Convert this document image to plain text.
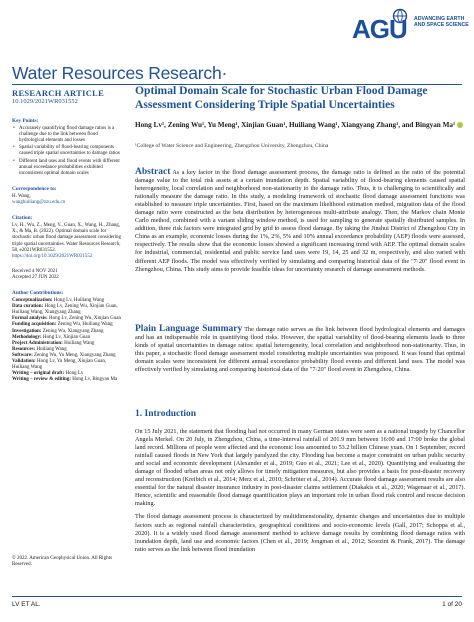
AGU ADVANCING EARTH AND SPACE SCIENCE
Water Resources Research·
RESEARCH ARTICLE
10.1029/2021WR031552
Optimal Domain Scale for Stochastic Urban Flood Damage Assessment Considering Triple Spatial Uncertainties
Hong Lv¹, Zening Wu¹, Yu Meng¹, Xinjian Guan¹, Huiliang Wang¹, Xiangyang Zhang¹, and Bingyan Ma¹
¹College of Water Science and Engineering, Zhengzhou University, Zhengzhou, China
Key Points:
• Accurately quantifying flood damage ratios is a challenge due to the link between flood hydrological elements and losses
• Spatial variability of flood-bearing components caused triple spatial uncertainties to damage ratios
• Different land uses and flood events with different annual exceedance probabilities exhibited inconsistent optimal domain scales
Correspondence to:
H. Wang,
wanghuiliang@zzu.edu.cn
Citation:
Lv, H., Wu, Z., Meng, Y., Guan, X., Wang, H., Zhang, X., & Ma, B. (2022). Optimal domain scale for stochastic urban flood damage assessment considering triple spatial uncertainties. Water Resources Research, 58, e2021WR031552.
https://doi.org/10.1029/2021WR031552
Received 4 NOV 2021
Accepted 27 JUN 2022
Author Contributions:
Conceptualization: Hong Lv, Huiliang Wang
Data curation: Hong Lv, Zening Wu, Xinjian Guan, Huiliang Wang, Xiangyang Zhang
Formal analysis: Hong Lv, Zening Wu, Xinjian Guan
Funding acquisition: Zening Wu, Huiliang Wang
Investigation: Zening Wu, Xiangyang Zhang
Methodology: Hong Lv, Xinjian Guan
Project Administration: Huiliang Wang
Resources: Huiliang Wang
Software: Zening Wu, Yu Meng, Xiangyang Zhang
Validation: Hong Lv, Yu Meng, Xinjian Guan, Huiliang Wang
Writing – original draft: Hong Lv
Writing – review & editing: Hong Lv, Bingyan Ma
Abstract As a key factor in the flood damage assessment process, the damage ratio is defined as the ratio of the potential damage value to the total risk assets at a certain inundation depth. Spatial variability of flood-bearing elements caused spatial heterogeneity, local correlation and neighborhood non-stationarity to the damage ratio. Thus, it is challenging to scientifically and rationally measure the damage ratio. In this study, a modeling framework of stochastic flood damage assessment functions was established to measure triple uncertainties. First, based on the maximum likelihood estimation method, migration data of the flood damage ratio were constructed as the beta distribution by heterogeneous multi-attribute analogy. Then, the Markov chain Monte Carlo method, combined with a variant sliding window method, is used for sampling to generate spatially distributed samples. In addition, three risk factors were integrated grid by grid to assess flood damage. By taking the Jinshui District of Zhengzhou City in China as an example, economic losses during the 1%, 2%, 5% and 10% annual exceedance probability (AEP) floods were assessed, respectively. The results show that the economic losses showed a significant increasing trend with AEP. The optimal domain scales for industrial, commercial, residential and public service land uses were 19, 14, 25 and 32 m, respectively, and also varied with different AEP floods. The model was effectively verified by simulating and comparing historical data of the "7·20" flood event in Zhengzhou, China. This study aims to provide feasible ideas for uncertainty research of damage assessment methods.
Plain Language Summary The damage ratio serves as the link between flood hydrological elements and damages and has an indispensable role in quantifying flood risks. However, the spatial variability of flood-bearing elements leads to three kinds of spatial uncertainties in damage ratios: spatial heterogeneity, local correlation and neighborhood non-stationarity. Thus, in this paper, a stochastic flood damage assessment model considering multiple uncertainties was proposed. It was found that optimal domain scales were inconsistent for different annual exceedance probability flood events and different land uses. The model was effectively verified by simulating and comparing historical data of the "7·20" flood event in Zhengzhou, China.
1. Introduction

On 15 July 2021, the statement that flooding had not occurred in many German states were seen as a national tragedy by Chancellor Angela Merkel. On 20 July, in Zhengzhou, China, a time-interval rainfall of 201.9 mm between 16:00 and 17:00 broke the global land record. Millions of people were affected and the economic loss amounted to 53.2 billion Chinese yuan. On 1 September, record rainfall caused floods in New York that largely paralyzed the city. Flooding has become a major constraint on urban public security and social and economic development (Alexander et al., 2019; Guo et al., 2021; Lee et al., 2020). Quantifying and evaluating the damage of flooded urban areas not only allows for timely mitigation measures, but also provides a basis for post-disaster recovery and reconstruction (Kreibich et al., 2014; Merz et al., 2010; Schröter et al., 2014). Accurate flood damage assessment results are also essential for the natural disaster insurance industry in post-disaster claims settlement (Diakakis et al., 2020; Wagenaar et al., 2017). Hence, scientific and reasonable flood damage quantification plays an important role in urban flood risk control and rescue decision making.

The flood damage assessment process is characterized by multidimensionality, dynamic changes and uncertainties due to multiple factors such as regional rainfall characteristics, geographical conditions and socio-economic levels (Gall, 2017; Schoppa et al., 2020). It is a widely used flood damage assessment method to achieve damage results by combining flood damage ratios with inundation depth, land use and economic factors (Chen et al., 2019; Jongman et al., 2012; Scorzini & Frank, 2017). The damage ratio serves as the link between flood inundation

© 2022. American Geophysical Union. All Rights Reserved.
LV ET AL.	1 of 20
